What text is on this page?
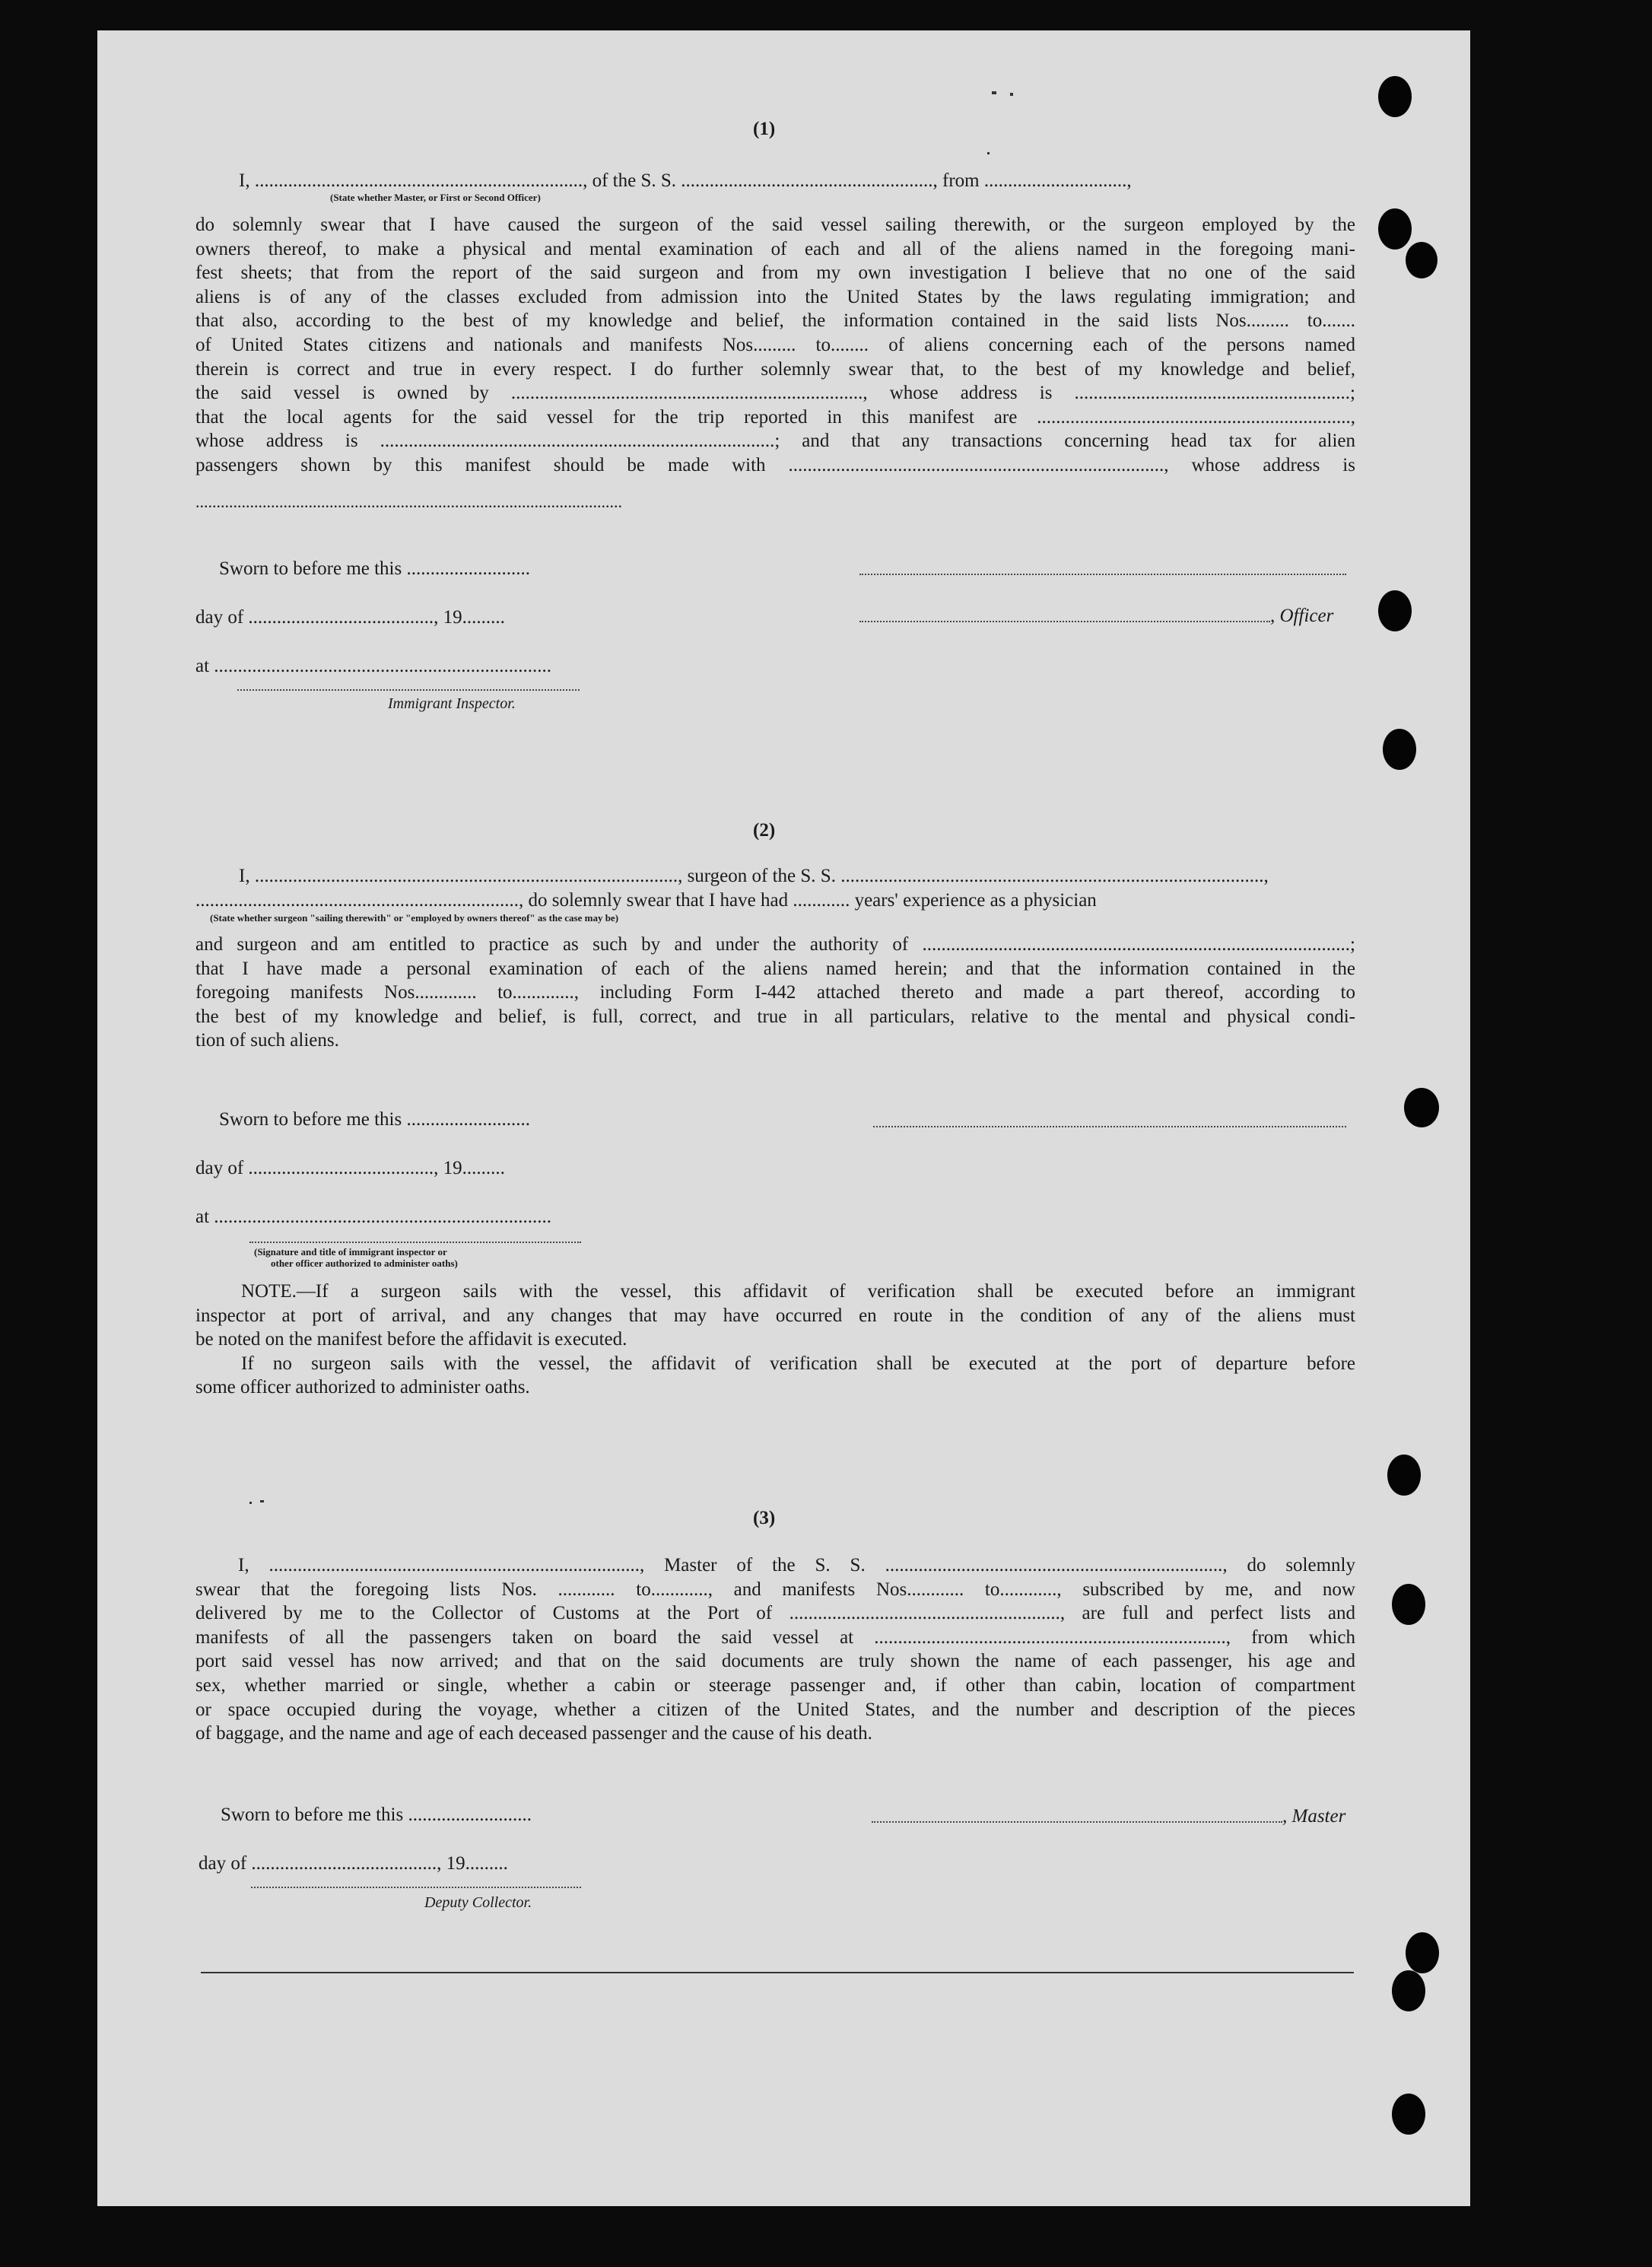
(1)
I, ....................................................................., of the S. S. ....................................................., from ..............................,
(State whether Master, or First or Second Officer)
do solemnly swear that I have caused the surgeon of the said vessel sailing therewith, or the surgeon employed by the
owners thereof, to make a physical and mental examination of each and all of the aliens named in the foregoing mani-
fest sheets; that from the report of the said surgeon and from my own investigation I believe that no one of the said
aliens is of any of the classes excluded from admission into the United States by the laws regulating immigration; and
that also, according to the best of my knowledge and belief, the information contained in the said lists Nos......... to.......
of United States citizens and nationals and manifests Nos......... to........ of aliens concerning each of the persons named
therein is correct and true in every respect. I do further solemnly swear that, to the best of my knowledge and belief,
the said vessel is owned by .........................................................................., whose address is ..........................................................;
that the local agents for the said vessel for the trip reported in this manifest are ..................................................................,
whose address is ...................................................................................; and that any transactions concerning head tax for alien
passengers shown by this manifest should be made with ..............................................................................., whose address is
......................................................................................................
Sworn to before me this ..........................
day of ......................................., 19.........	, Officer
at .......................................................................
Immigrant Inspector.
(2)
I, ........................................................................................., surgeon of the S. S. .........................................................................................,
...................................................................., do solemnly swear that I have had ............ years' experience as a physician
(State whether surgeon "sailing therewith" or "employed by owners thereof" as the case may be)
and surgeon and am entitled to practice as such by and under the authority of ..........................................................................................;
that I have made a personal examination of each of the aliens named herein; and that the information contained in the
foregoing manifests Nos............. to............., including Form I-442 attached thereto and made a part thereof, according to
the best of my knowledge and belief, is full, correct, and true in all particulars, relative to the mental and physical condi-
tion of such aliens.
Sworn to before me this ..........................
day of ......................................., 19.........
at .......................................................................
(Signature and title of immigrant inspector or
other officer authorized to administer oaths)
NOTE.—If a surgeon sails with the vessel, this affidavit of verification shall be executed before an immigrant
inspector at port of arrival, and any changes that may have occurred en route in the condition of any of the aliens must
be noted on the manifest before the affidavit is executed.
If no surgeon sails with the vessel, the affidavit of verification shall be executed at the port of departure before
some officer authorized to administer oaths.
(3)
I, .............................................................................., Master of the S. S. ......................................................................., do solemnly
swear that the foregoing lists Nos. ............ to............, and manifests Nos............ to............, subscribed by me, and now
delivered by me to the Collector of Customs at the Port of ........................................................., are full and perfect lists and
manifests of all the passengers taken on board the said vessel at .........................................................................., from which
port said vessel has now arrived; and that on the said documents are truly shown the name of each passenger, his age and
sex, whether married or single, whether a cabin or steerage passenger and, if other than cabin, location of compartment
or space occupied during the voyage, whether a citizen of the United States, and the number and description of the pieces
of baggage, and the name and age of each deceased passenger and the cause of his death.
Sworn to before me this ..........................	, Master
day of ......................................., 19.........
Deputy Collector.
